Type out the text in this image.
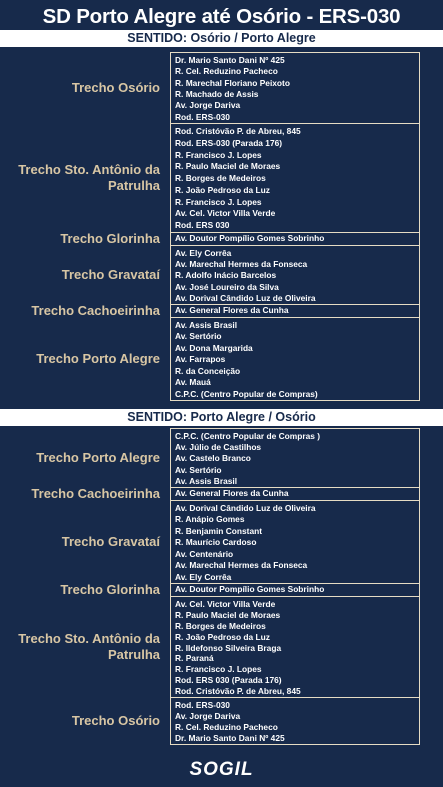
SD Porto Alegre até Osório - ERS-030
SENTIDO: Osório / Porto Alegre
Trecho Osório
Dr. Mario Santo Dani Nº 425
R. Cel. Reduzino Pacheco
R. Marechal Floriano Peixoto
R. Machado de Assis
Av. Jorge Dariva
Rod. ERS-030
Trecho Sto. Antônio da Patrulha
Rod. Cristóvão P. de Abreu, 845
Rod. ERS-030 (Parada 176)
R. Francisco J. Lopes
R. Paulo Maciel de Moraes
R. Borges de Medeiros
R. João Pedroso da Luz
R. Francisco J. Lopes
Av. Cel. Victor Villa Verde
Rod. ERS 030
Trecho Glorinha Av. Doutor Pompílio Gomes Sobrinho
Trecho Gravataí
Av. Ely Corrêa
Av. Marechal Hermes da Fonseca
R. Adolfo Inácio Barcelos
Av. José Loureiro da Silva
Av. Dorival Cândido Luz de Oliveira
Trecho Cachoeirinha Av. General Flores da Cunha
Trecho Porto Alegre
Av. Assis Brasil
Av. Sertório
Av. Dona Margarida
Av. Farrapos
R. da Conceição
Av. Mauá
C.P.C. (Centro Popular de Compras)
SENTIDO: Porto Alegre / Osório
Trecho Porto Alegre
C.P.C. (Centro Popular de Compras )
Av. Júlio de Castilhos
Av. Castelo Branco
Av. Sertório
Av. Assis Brasil
Trecho Cachoeirinha Av. General Flores da Cunha
Trecho Gravataí
Av. Dorival Cândido Luz de Oliveira
R. Anápio Gomes
R. Benjamin Constant
R. Maurício Cardoso
Av. Centenário
Av. Marechal Hermes da Fonseca
Av. Ely Corrêa
Trecho Glorinha Av. Doutor Pompílio Gomes Sobrinho
Trecho Sto. Antônio da Patrulha
Av. Cel. Victor Villa Verde
R. Paulo Maciel de Moraes
R. Borges de Medeiros
R. João Pedroso da Luz
R. Ildefonso Silveira Braga
R. Paraná
R. Francisco J. Lopes
Rod. ERS 030 (Parada 176)
Rod. Cristóvão P. de Abreu, 845
Trecho Osório
Rod. ERS-030
Av. Jorge Dariva
R. Cel. Reduzino Pacheco
Dr. Mario Santo Dani Nº 425
SOGIL
